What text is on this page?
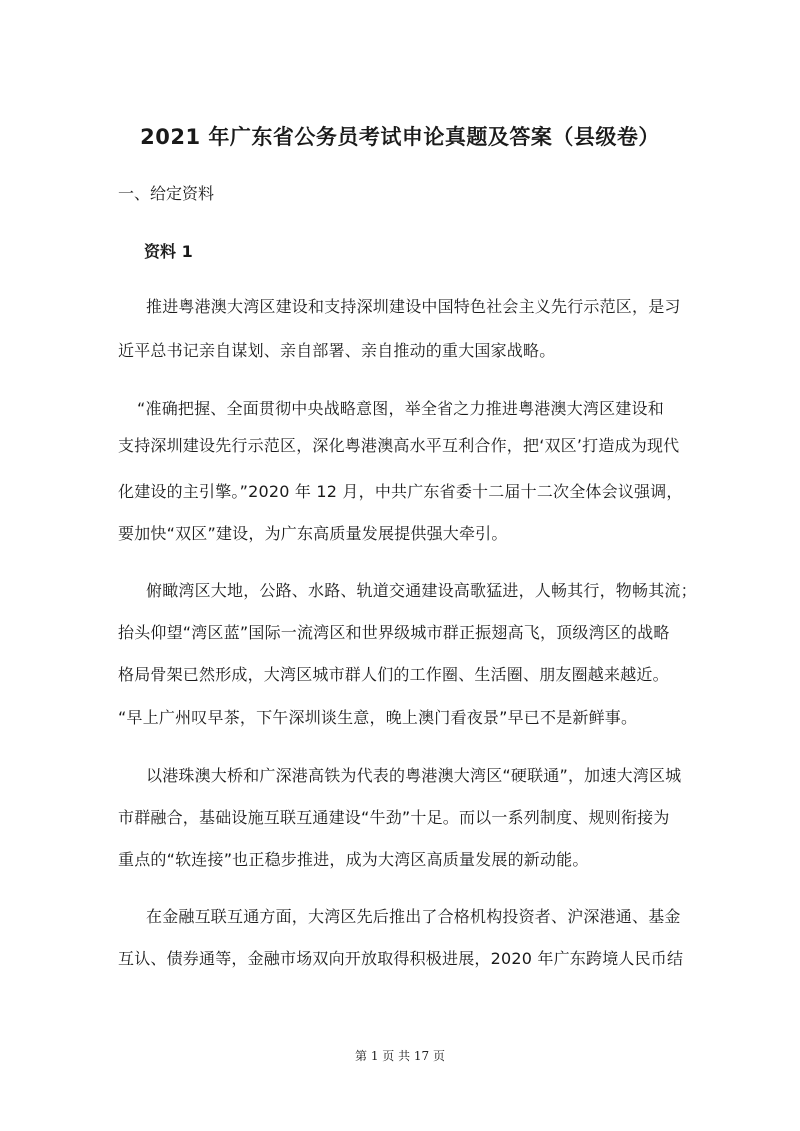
2021 年广东省公务员考试申论真题及答案（县级卷）
一、给定资料
资料 1
推进粤港澳大湾区建设和支持深圳建设中国特色社会主义先行示范区，是习
近平总书记亲自谋划、亲自部署、亲自推动的重大国家战略。
“准确把握、全面贯彻中央战略意图，举全省之力推进粤港澳大湾区建设和
支持深圳建设先行示范区，深化粤港澳高水平互利合作，把‘双区’打造成为现代
化建设的主引擎。”2020 年 12 月，中共广东省委十二届十二次全体会议强调，
要加快“双区”建设，为广东高质量发展提供强大牵引。
俯瞰湾区大地，公路、水路、轨道交通建设高歌猛进，人畅其行，物畅其流；
抬头仰望“湾区蓝”国际一流湾区和世界级城市群正振翅高飞，顶级湾区的战略
格局骨架已然形成，大湾区城市群人们的工作圈、生活圈、朋友圈越来越近。
“早上广州叹早茶，下午深圳谈生意，晚上澳门看夜景”早已不是新鲜事。
以港珠澳大桥和广深港高铁为代表的粤港澳大湾区“硬联通”，加速大湾区城
市群融合，基础设施互联互通建设“牛劲”十足。而以一系列制度、规则衔接为
重点的“软连接”也正稳步推进，成为大湾区高质量发展的新动能。
在金融互联互通方面，大湾区先后推出了合格机构投资者、沪深港通、基金
互认、债券通等，金融市场双向开放取得积极进展，2020 年广东跨境人民币结
第 1 页 共 17 页
